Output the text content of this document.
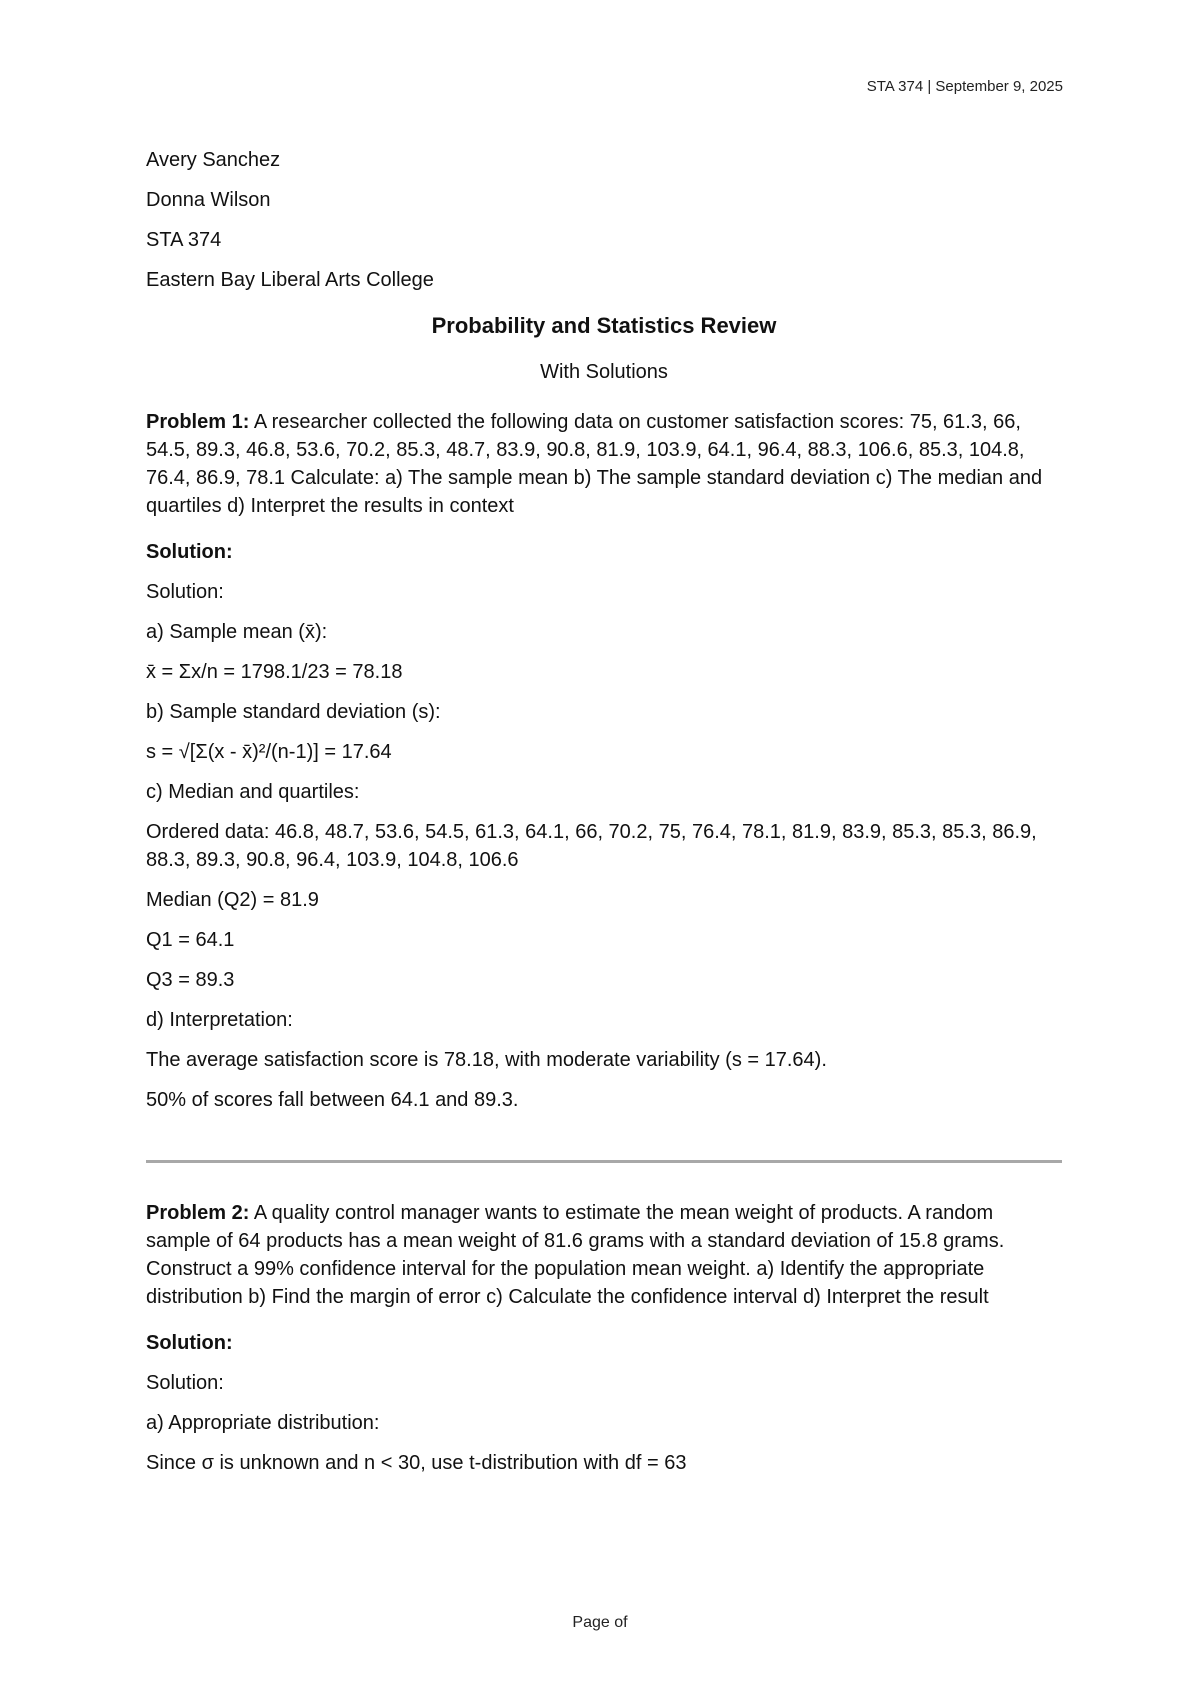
STA 374 | September 9, 2025
Avery Sanchez
Donna Wilson
STA 374
Eastern Bay Liberal Arts College
Probability and Statistics Review
With Solutions
Problem 1: A researcher collected the following data on customer satisfaction scores: 75, 61.3, 66, 54.5, 89.3, 46.8, 53.6, 70.2, 85.3, 48.7, 83.9, 90.8, 81.9, 103.9, 64.1, 96.4, 88.3, 106.6, 85.3, 104.8, 76.4, 86.9, 78.1 Calculate: a) The sample mean b) The sample standard deviation c) The median and quartiles d) Interpret the results in context
Solution:
Solution:
a) Sample mean (x̄):
x̄ = Σx/n = 1798.1/23 = 78.18
b) Sample standard deviation (s):
s = √[Σ(x - x̄)²/(n-1)] = 17.64
c) Median and quartiles:
Ordered data: 46.8, 48.7, 53.6, 54.5, 61.3, 64.1, 66, 70.2, 75, 76.4, 78.1, 81.9, 83.9, 85.3, 85.3, 86.9, 88.3, 89.3, 90.8, 96.4, 103.9, 104.8, 106.6
Median (Q2) = 81.9
Q1 = 64.1
Q3 = 89.3
d) Interpretation:
The average satisfaction score is 78.18, with moderate variability (s = 17.64).
50% of scores fall between 64.1 and 89.3.
Problem 2: A quality control manager wants to estimate the mean weight of products. A random sample of 64 products has a mean weight of 81.6 grams with a standard deviation of 15.8 grams. Construct a 99% confidence interval for the population mean weight. a) Identify the appropriate distribution b) Find the margin of error c) Calculate the confidence interval d) Interpret the result
Solution:
Solution:
a) Appropriate distribution:
Since σ is unknown and n < 30, use t-distribution with df = 63
Page of
